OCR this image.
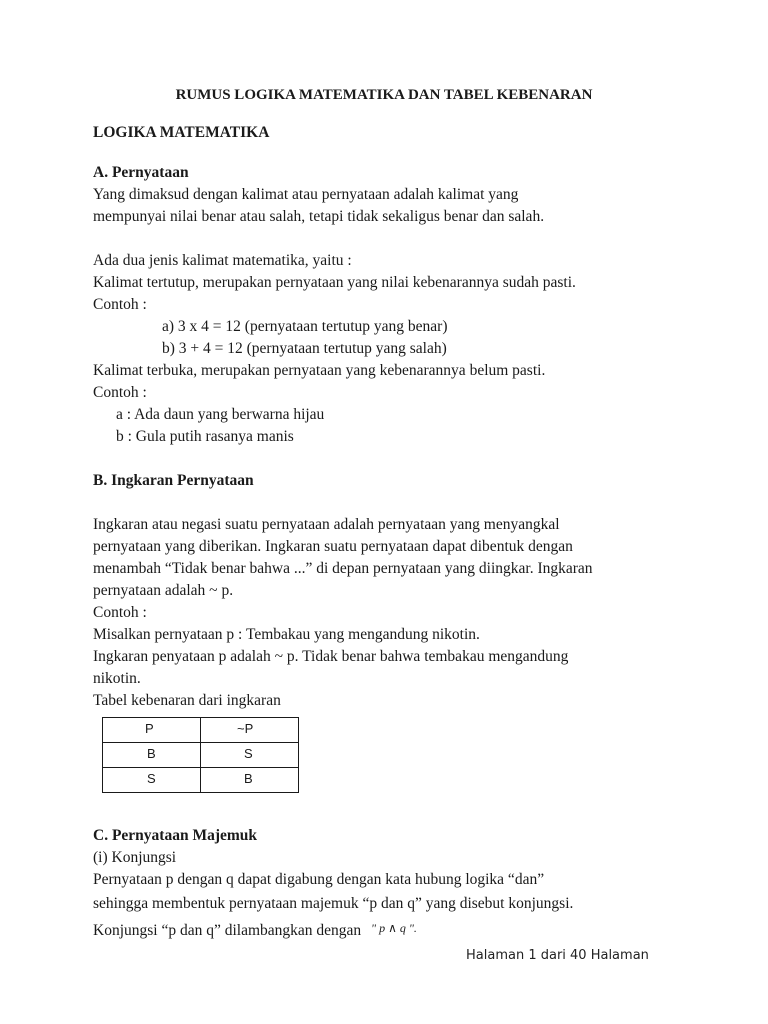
RUMUS LOGIKA MATEMATIKA DAN TABEL KEBENARAN
LOGIKA MATEMATIKA
A. Pernyataan
Yang dimaksud dengan kalimat atau pernyataan adalah kalimat yang
mempunyai nilai benar atau salah, tetapi tidak sekaligus benar dan salah.
Ada dua jenis kalimat matematika, yaitu :
Kalimat tertutup, merupakan pernyataan yang nilai kebenarannya sudah pasti.
Contoh :
a) 3 x 4 = 12 (pernyataan tertutup yang benar)
b) 3 + 4 = 12 (pernyataan tertutup yang salah)
Kalimat terbuka, merupakan pernyataan yang kebenarannya belum pasti.
Contoh :
a : Ada daun yang berwarna hijau
b : Gula putih rasanya manis
B. Ingkaran Pernyataan
Ingkaran atau negasi suatu pernyataan adalah pernyataan yang menyangkal
pernyataan yang diberikan. Ingkaran suatu pernyataan dapat dibentuk dengan
menambah “Tidak benar bahwa ...” di depan pernyataan yang diingkar. Ingkaran
pernyataan adalah ~ p.
Contoh :
Misalkan pernyataan p : Tembakau yang mengandung nikotin.
Ingkaran penyataan p adalah ~ p. Tidak benar bahwa tembakau mengandung
nikotin.
Tabel kebenaran dari ingkaran
P	~P
B	S
S	B
C. Pernyataan Majemuk
(i) Konjungsi
Pernyataan p dengan q dapat digabung dengan kata hubung logika “dan”
sehingga membentuk pernyataan majemuk “p dan q” yang disebut konjungsi.
Konjungsi “p dan q” dilambangkan dengan " p ∧ q ".
Halaman 1 dari 40 Halaman
